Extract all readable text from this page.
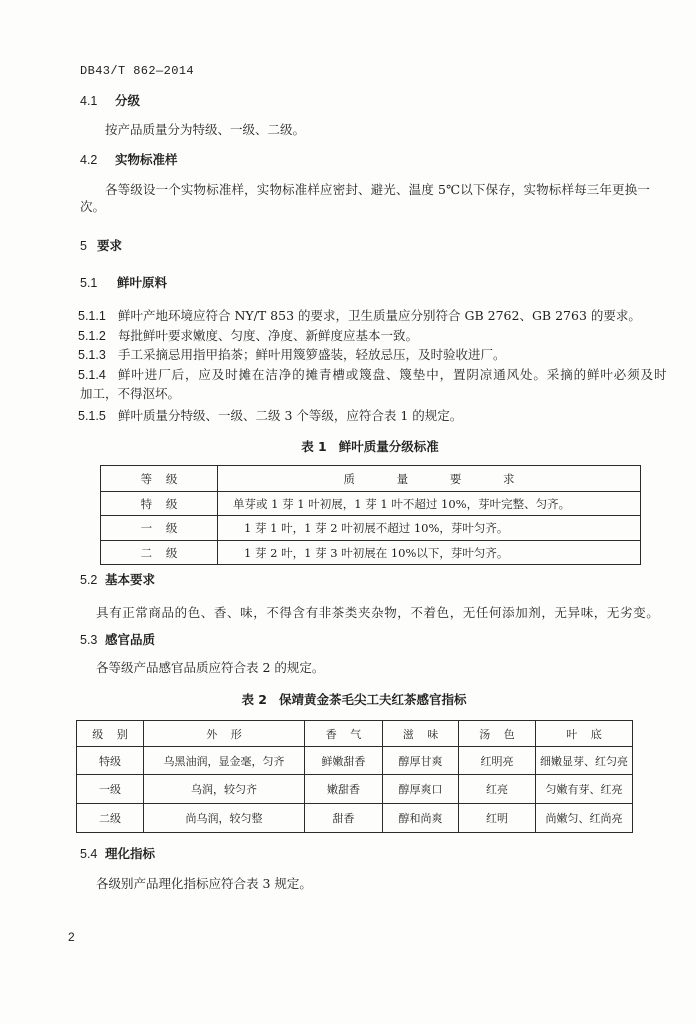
DB43/T 862—2014
4.1 分级
按产品质量分为特级、一级、二级。
4.2 实物标准样
各等级设一个实物标准样，实物标准样应密封、避光、温度 5℃以下保存，实物标样每三年更换一
次。
5 要求
5.1 鲜叶原料
5.1.1 鲜叶产地环境应符合 NY/T 853 的要求，卫生质量应分别符合 GB 2762、GB 2763 的要求。
5.1.2 每批鲜叶要求嫩度、匀度、净度、新鲜度应基本一致。
5.1.3 手工采摘忌用指甲掐茶；鲜叶用篾箩盛装，轻放忌压，及时验收进厂。
5.1.4 鲜叶进厂后，应及时摊在洁净的摊青槽或篾盘、篾垫中，置阴凉通风处。采摘的鲜叶必须及时
加工，不得沤坏。
5.1.5 鲜叶质量分特级、一级、二级 3 个等级，应符合表 1 的规定。
表 1 鲜叶质量分级标准
等 级	质 量 要 求
特 级	单芽或 1 芽 1 叶初展，1 芽 1 叶不超过 10%，芽叶完整、匀齐。
一 级	1 芽 1 叶，1 芽 2 叶初展不超过 10%，芽叶匀齐。
二 级	1 芽 2 叶，1 芽 3 叶初展在 10%以下，芽叶匀齐。
5.2 基本要求
具有正常商品的色、香、味，不得含有非茶类夹杂物，不着色，无任何添加剂，无异味，无劣变。
5.3 感官品质
各等级产品感官品质应符合表 2 的规定。
表 2 保靖黄金茶毛尖工夫红茶感官指标
级 别	外 形	香 气	滋 味	汤 色	叶 底
特级	乌黑油润，显金毫，匀齐	鲜嫩甜香	醇厚甘爽	红明亮	细嫩显芽、红匀亮
一级	乌润，较匀齐	嫩甜香	醇厚爽口	红亮	匀嫩有芽、红亮
二级	尚乌润，较匀整	甜香	醇和尚爽	红明	尚嫩匀、红尚亮
5.4 理化指标
各级别产品理化指标应符合表 3 规定。
2
